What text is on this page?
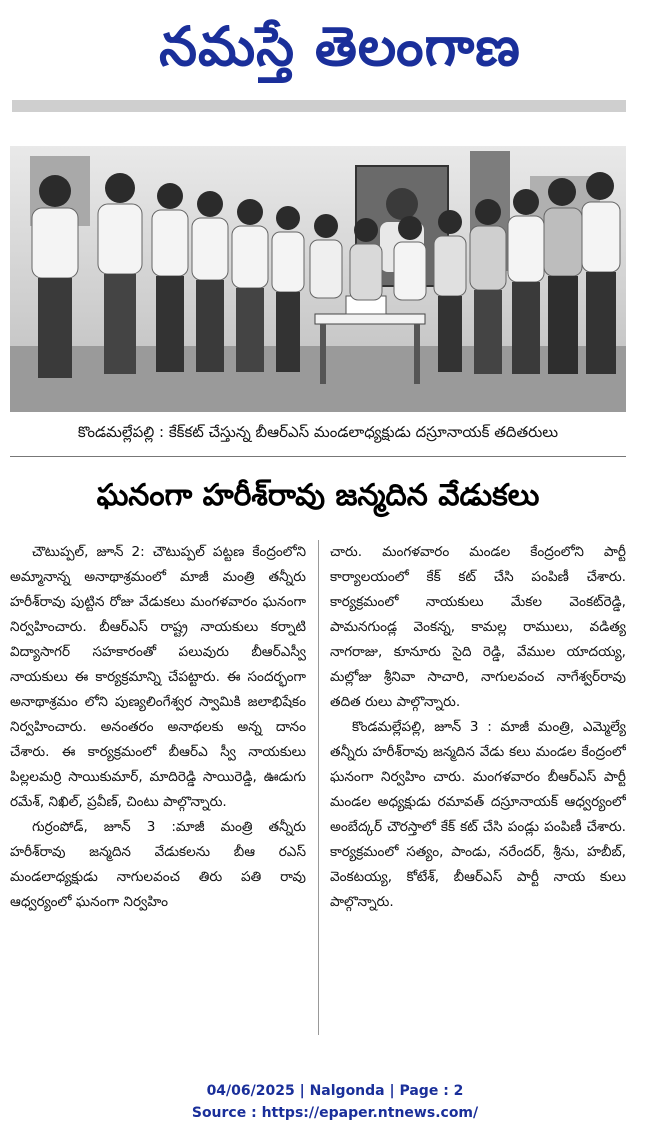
నమస్తే తెలంగాణ
కొండమల్లేపల్లి : కేక్‌కట్ చేస్తున్న బీఆర్ఎస్ మండలాధ్యక్షుడు దస్రూనాయక్ తదితరులు
ఘనంగా హరీశ్‌రావు జన్మదిన వేడుకలు

చౌటుప్పల్, జూన్ 2: చౌటుప్పల్ పట్టణ కేంద్రంలోని అమ్మానాన్న అనాథాశ్రమంలో మాజీ మంత్రి తన్నీరు హరీశ్‌రావు పుట్టిన రోజు వేడుకలు మంగళవారం ఘనంగా నిర్వహించారు. బీఆర్ఎస్ రాష్ట్ర నాయకులు కర్నాటి విద్యాసాగర్ సహకారంతో పలువురు బీఆర్ఎస్వీ నాయకులు ఈ కార్యక్రమాన్ని చేపట్టారు. ఈ సందర్భంగా అనాథాశ్రమం లోని పుణ్యలింగేశ్వర స్వామికి జలాభిషేకం నిర్వహించారు. అనంతరం అనాథలకు అన్న దానం చేశారు. ఈ కార్యక్రమంలో బీఆర్ఎ స్వీ నాయకులు పిల్లలమర్రి సాయికుమార్, మాదిరెడ్డి సాయిరెడ్డి, ఊడుగు రమేశ్, నిఖిల్, ప్రవీణ్, చింటు పాల్గొన్నారు.

గుర్రంపోడ్, జూన్ 3 :మాజీ మంత్రి తన్నీరు హరీశ్‌రావు జన్మదిన వేడుకలను బీఆ రఎస్ మండలాధ్యక్షుడు నాగులవంచ తిరు పతి రావు ఆధ్వర్యంలో ఘనంగా నిర్వహిం

చారు. మంగళవారం మండల కేంద్రంలోని పార్టీ కార్యాలయంలో కేక్ కట్ చేసి పంపిణీ చేశారు. కార్యక్రమంలో నాయకులు మేకల వెంకట్‌రెడ్డి, పామనగుండ్ల వెంకన్న, కామల్ల రాములు, వడిత్య నాగరాజు, కూనూరు సైది రెడ్డి, వేముల యాదయ్య, మల్లోజు శ్రీనివా సాచారి, నాగులవంచ నాగేశ్వర్‌రావు తదిత రులు పాల్గొన్నారు.

కొండమల్లేపల్లి, జూన్ 3 : మాజీ మంత్రి, ఎమ్మెల్యే తన్నీరు హరీశ్‌రావు జన్మదిన వేడు కలు మండల కేంద్రంలో ఘనంగా నిర్వహిం చారు. మంగళవారం బీఆర్ఎస్ పార్టీ మండల అధ్యక్షుడు రమావత్ దస్రూనాయక్ ఆధ్వర్యంలో అంబేద్కర్ చౌరస్తాలో కేక్ కట్ చేసి పండ్లు పంపిణీ చేశారు. కార్యక్రమంలో సత్యం, పాండు, నరేందర్, శ్రీను, హబీబ్, వెంకటయ్య, కోటేశ్, బీఆర్ఎస్ పార్టీ నాయ కులు పాల్గొన్నారు.

04/06/2025 | Nalgonda | Page : 2
Source : https://epaper.ntnews.com/
